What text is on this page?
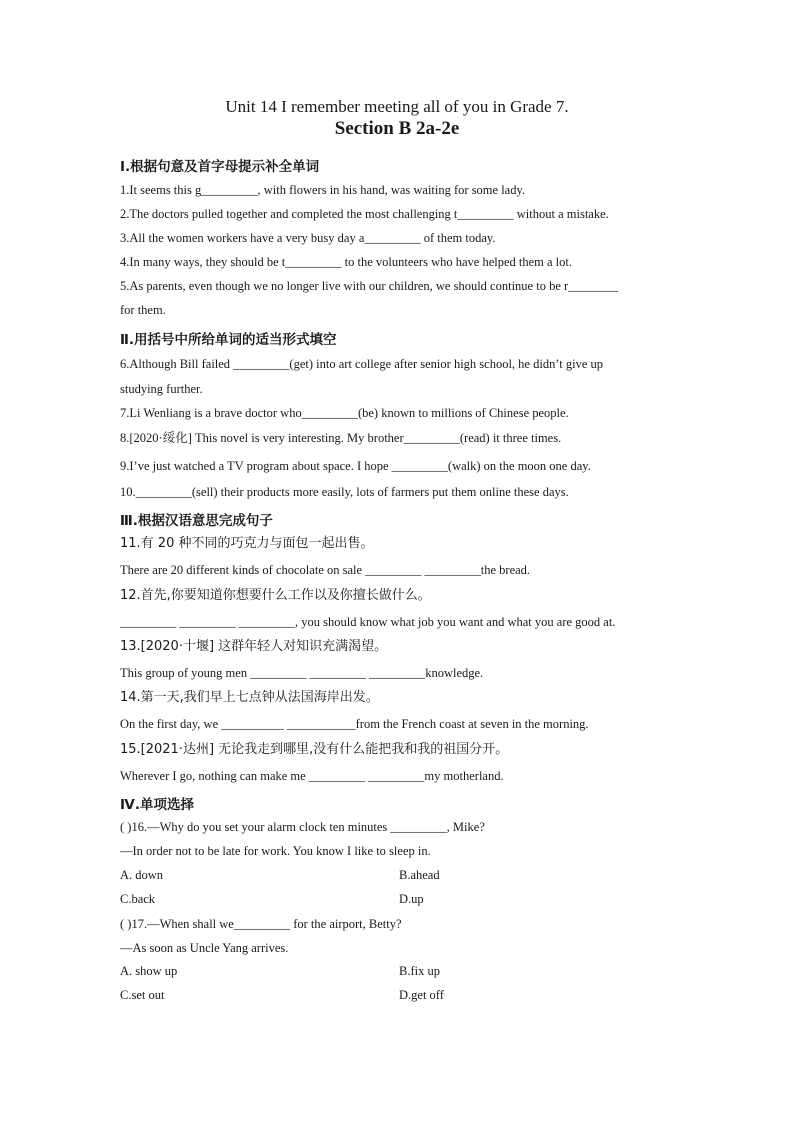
Unit 14 I remember meeting all of you in Grade 7.
Section B 2a-2e
Ⅰ.根据句意及首字母提示补全单词
1.It seems this g_________, with flowers in his hand, was waiting for some lady.
2.The doctors pulled together and completed the most challenging t_________ without a mistake.
3.All the women workers have a very busy day a_________ of them today.
4.In many ways, they should be t_________ to the volunteers who have helped them a lot.
5.As parents, even though we no longer live with our children, we should continue to be r________
for them.
Ⅱ.用括号中所给单词的适当形式填空
6.Although Bill failed _________(get) into art college after senior high school, he didn’t give up
studying further.
7.Li Wenliang is a brave doctor who_________(be) known to millions of Chinese people.
8.[2020·绥化] This novel is very interesting. My brother_________(read) it three times.
9.I’ve just watched a TV program about space. I hope _________(walk) on the moon one day.
10._________(sell) their products more easily, lots of farmers put them online these days.
Ⅲ.根据汉语意思完成句子
11.有 20 种不同的巧克力与面包一起出售。
There are 20 different kinds of chocolate on sale _________ _________the bread.
12.首先,你要知道你想要什么工作以及你擅长做什么。
_________ _________ _________, you should know what job you want and what you are good at.
13.[2020·十堰] 这群年轻人对知识充满渴望。
This group of young men _________ _________ _________knowledge.
14.第一天,我们早上七点钟从法国海岸出发。
On the first day, we __________ ___________from the French coast at seven in the morning.
15.[2021·达州] 无论我走到哪里,没有什么能把我和我的祖国分开。
Wherever I go, nothing can make me _________ _________my motherland.
Ⅳ.单项选择
( )16.—Why do you set your alarm clock ten minutes _________, Mike?
—In order not to be late for work. You know I like to sleep in.
A. down	B.ahead
C.back	D.up
( )17.—When shall we_________ for the airport, Betty?
—As soon as Uncle Yang arrives.
A. show up	B.fix up
C.set out	D.get off
